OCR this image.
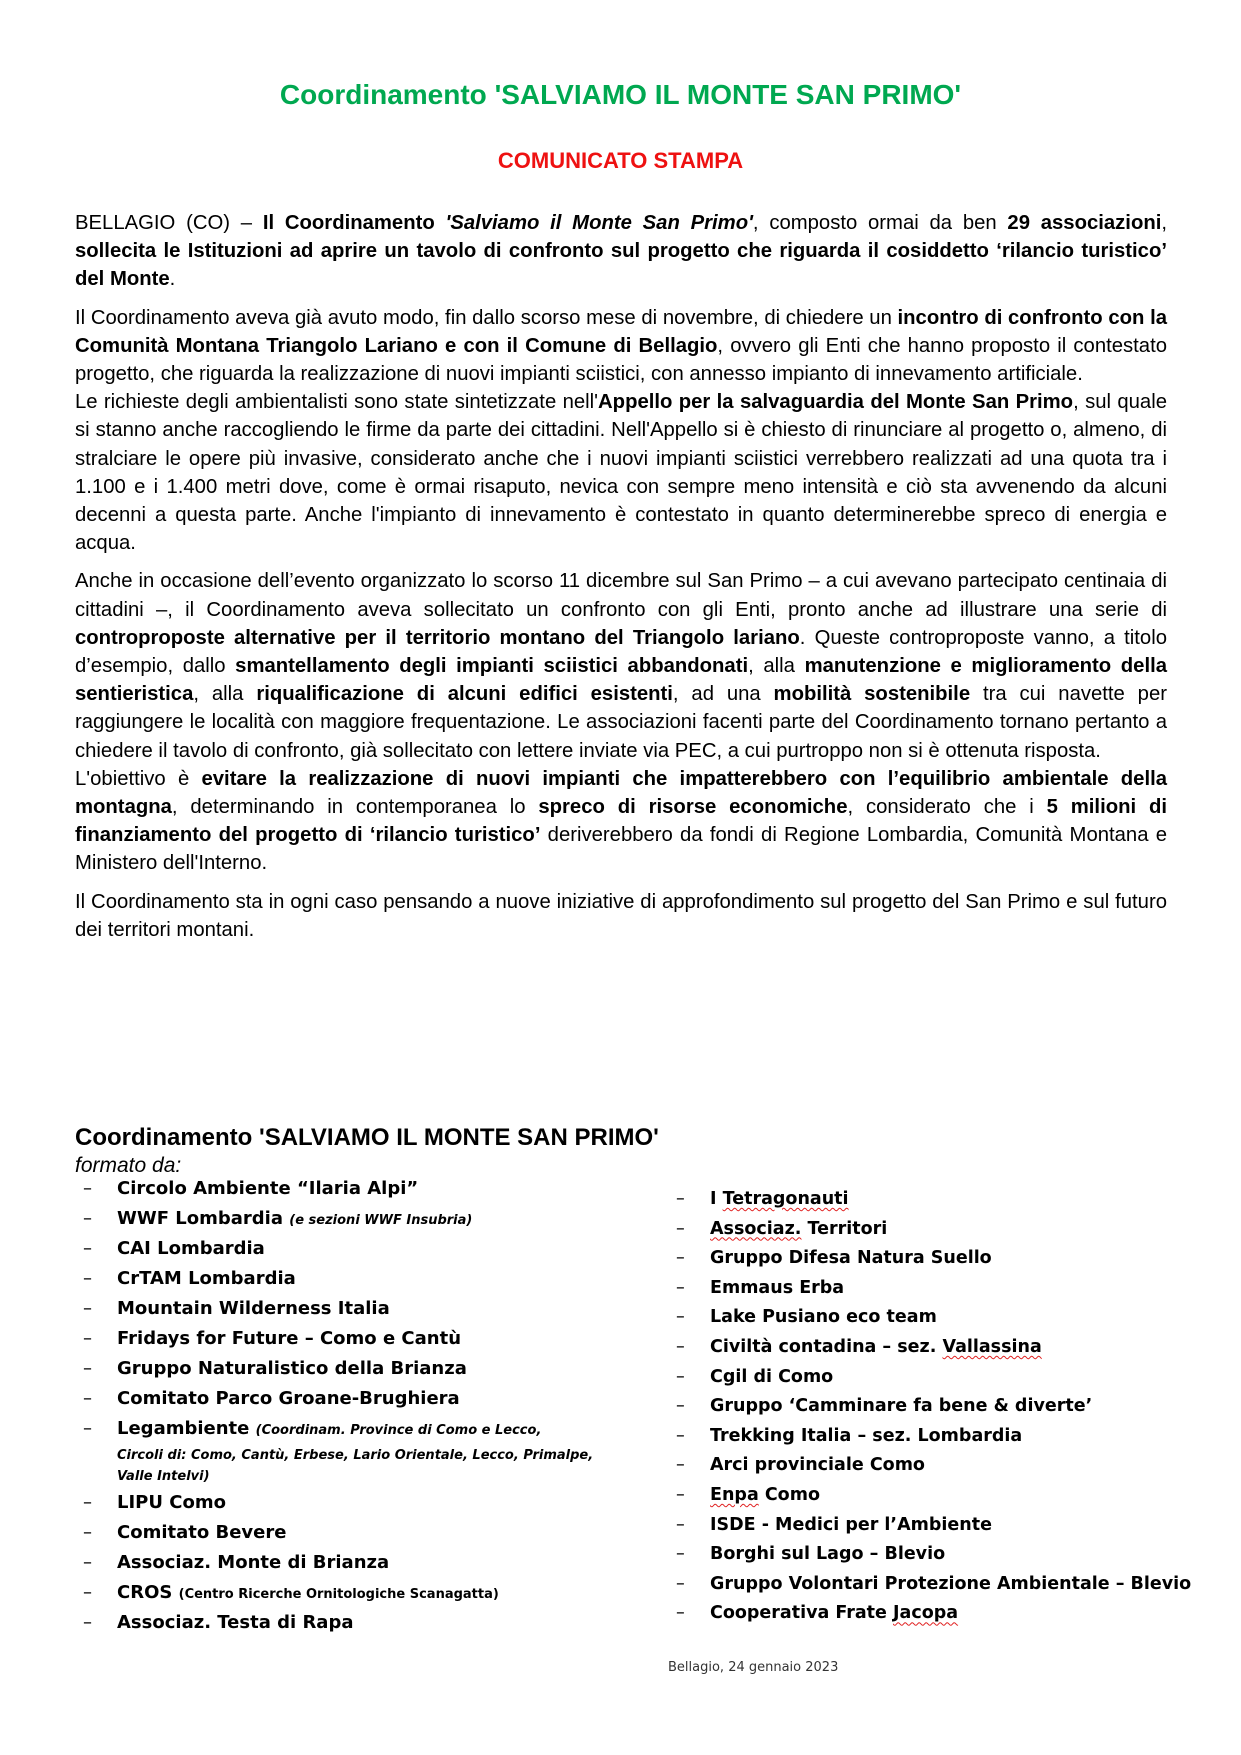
Coordinamento 'SALVIAMO IL MONTE SAN PRIMO'
COMUNICATO STAMPA

BELLAGIO (CO) – Il Coordinamento 'Salviamo il Monte San Primo', composto ormai da ben 29 associazioni, sollecita le Istituzioni ad aprire un tavolo di confronto sul progetto che riguarda il cosiddetto ‘rilancio turistico’ del Monte.

Il Coordinamento aveva già avuto modo, fin dallo scorso mese di novembre, di chiedere un incontro di confronto con la Comunità Montana Triangolo Lariano e con il Comune di Bellagio, ovvero gli Enti che hanno proposto il contestato progetto, che riguarda la realizzazione di nuovi impianti sciistici, con annesso impianto di innevamento artificiale.

Le richieste degli ambientalisti sono state sintetizzate nell'Appello per la salvaguardia del Monte San Primo, sul quale si stanno anche raccogliendo le firme da parte dei cittadini. Nell'Appello si è chiesto di rinunciare al progetto o, almeno, di stralciare le opere più invasive, considerato anche che i nuovi impianti sciistici verrebbero realizzati ad una quota tra i 1.100 e i 1.400 metri dove, come è ormai risaputo, nevica con sempre meno intensità e ciò sta avvenendo da alcuni decenni a questa parte. Anche l'impianto di innevamento è contestato in quanto determinerebbe spreco di energia e acqua.

Anche in occasione dell’evento organizzato lo scorso 11 dicembre sul San Primo – a cui avevano partecipato centinaia di cittadini –, il Coordinamento aveva sollecitato un confronto con gli Enti, pronto anche ad illustrare una serie di controproposte alternative per il territorio montano del Triangolo lariano. Queste controproposte vanno, a titolo d’esempio, dallo smantellamento degli impianti sciistici abbandonati, alla manutenzione e miglioramento della sentieristica, alla riqualificazione di alcuni edifici esistenti, ad una mobilità sostenibile tra cui navette per raggiungere le località con maggiore frequentazione. Le associazioni facenti parte del Coordinamento tornano pertanto a chiedere il tavolo di confronto, già sollecitato con lettere inviate via PEC, a cui purtroppo non si è ottenuta risposta.

L'obiettivo è evitare la realizzazione di nuovi impianti che impatterebbero con l’equilibrio ambientale della montagna, determinando in contemporanea lo spreco di risorse economiche, considerato che i 5 milioni di finanziamento del progetto di ‘rilancio turistico’ deriverebbero da fondi di Regione Lombardia, Comunità Montana e Ministero dell'Interno.

Il Coordinamento sta in ogni caso pensando a nuove iniziative di approfondimento sul progetto del San Primo e sul futuro dei territori montani.

Coordinamento 'SALVIAMO IL MONTE SAN PRIMO'
formato da:
– Circolo Ambiente “Ilaria Alpi”
– WWF Lombardia (e sezioni WWF Insubria)
– CAI Lombardia
– CrTAM Lombardia
– Mountain Wilderness Italia
– Fridays for Future – Como e Cantù
– Gruppo Naturalistico della Brianza
– Comitato Parco Groane-Brughiera
– Legambiente (Coordinam. Province di Como e Lecco,
Circoli di: Como, Cantù, Erbese, Lario Orientale, Lecco, Primalpe,
Valle Intelvi)
– LIPU Como
– Comitato Bevere
– Associaz. Monte di Brianza
– CROS (Centro Ricerche Ornitologiche Scanagatta)
– Associaz. Testa di Rapa
– I Tetragonauti
– Associaz. Territori
– Gruppo Difesa Natura Suello
– Emmaus Erba
– Lake Pusiano eco team
– Civiltà contadina – sez. Vallassina
– Cgil di Como
– Gruppo ‘Camminare fa bene & diverte’
– Trekking Italia – sez. Lombardia
– Arci provinciale Como
– Enpa Como
– ISDE - Medici per l’Ambiente
– Borghi sul Lago – Blevio
– Gruppo Volontari Protezione Ambientale – Blevio
– Cooperativa Frate Jacopa
Bellagio, 24 gennaio 2023
